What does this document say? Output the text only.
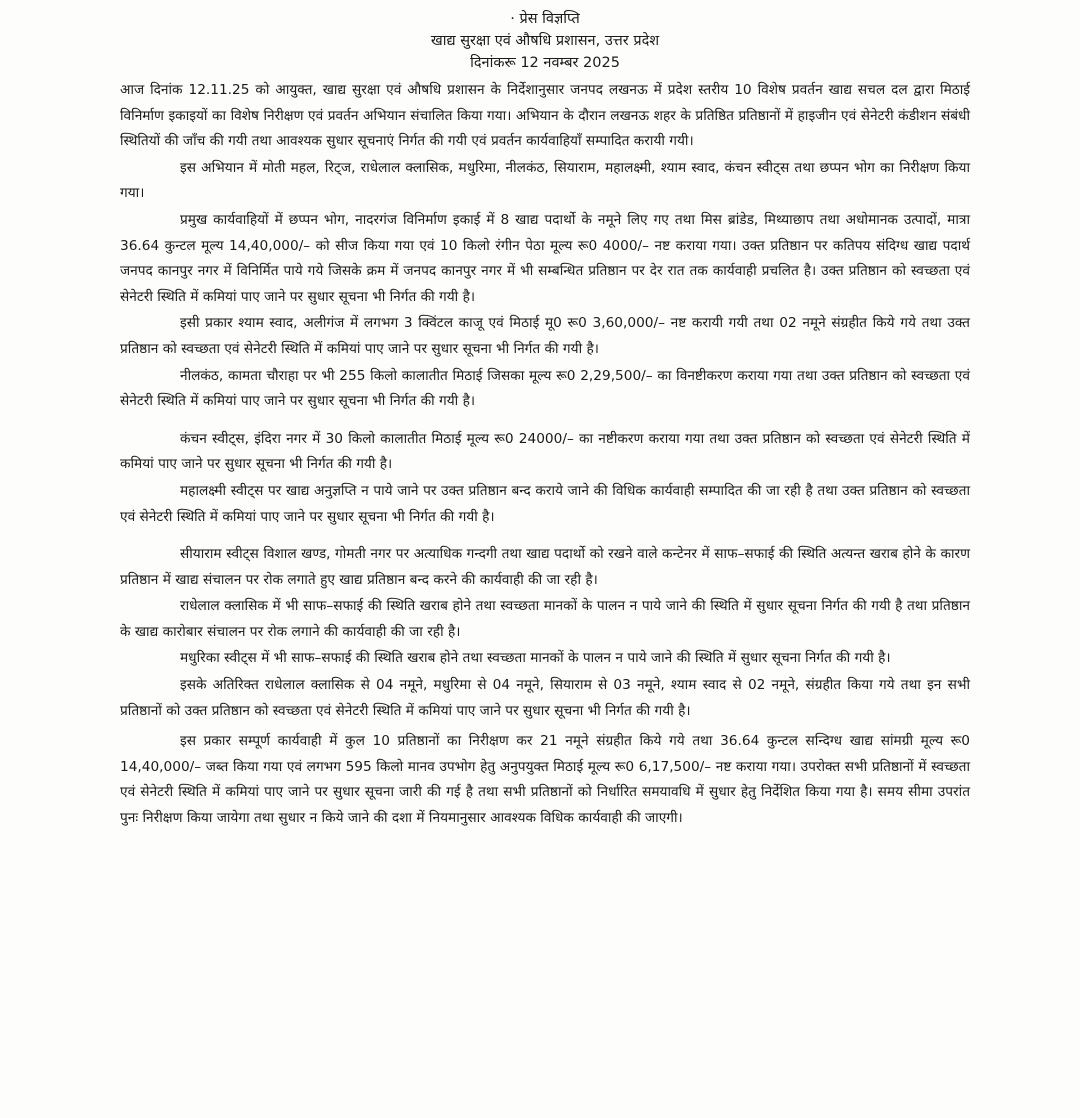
· प्रेस विज्ञप्ति
खाद्य सुरक्षा एवं औषधि प्रशासन, उत्तर प्रदेश
दिनांकरू 12 नवम्बर 2025

आज दिनांक 12.11.25 को आयुक्त, खाद्य सुरक्षा एवं औषधि प्रशासन के निर्देशानुसार जनपद लखनऊ में प्रदेश स्तरीय 10 विशेष प्रवर्तन खाद्य सचल दल द्वारा मिठाई विनिर्माण इकाइयों का विशेष निरीक्षण एवं प्रवर्तन अभियान संचालित किया गया। अभियान के दौरान लखनऊ शहर के प्रतिष्ठित प्रतिष्ठानों में हाइजीन एवं सेनेटरी कंडीशन संबंधी स्थितियों की जाँच की गयी तथा आवश्यक सुधार सूचनाएं निर्गत की गयी एवं प्रवर्तन कार्यवाहियॉं सम्पादित करायी गयी।

इस अभियान में मोती महल, रिट्ज, राधेलाल क्लासिक, मधुरिमा, नीलकंठ, सियाराम, महालक्ष्मी, श्याम स्वाद, कंचन स्वीट्स तथा छप्पन भोग का निरीक्षण किया गया।

प्रमुख कार्यवाहियों में छप्पन भोग, नादरगंज विनिर्माण इकाई में 8 खाद्य पदार्थो के नमूने लिए गए तथा मिस ब्रांडेड, मिथ्याछाप तथा अधोमानक उत्पादों, मात्रा 36.64 कुन्टल मूल्य 14,40,000/– को सीज किया गया एवं 10 किलो रंगीन पेठा मूल्य रू0 4000/– नष्ट कराया गया। उक्त प्रतिष्ठान पर कतिपय संदिग्ध खाद्य पदार्थ जनपद कानपुर नगर में विनिर्मित पाये गये जिसके क्रम में जनपद कानपुर नगर में भी सम्बन्धित प्रतिष्ठान पर देर रात तक कार्यवाही प्रचलित है। उक्त प्रतिष्ठान को स्वच्छता एवं सेनेटरी स्थिति में कमियां पाए जाने पर सुधार सूचना भी निर्गत की गयी है।

इसी प्रकार श्याम स्वाद, अलीगंज में लगभग 3 क्विंटल काजू एवं मिठाई मू0 रू0 3,60,000/– नष्ट करायी गयी तथा 02 नमूने संग्रहीत किये गये तथा उक्त प्रतिष्ठान को स्वच्छता एवं सेनेटरी स्थिति में कमियां पाए जाने पर सुधार सूचना भी निर्गत की गयी है।

नीलकंठ, कामता चौराहा पर भी 255 किलो कालातीत मिठाई जिसका मूल्य रू0 2,29,500/– का विनष्टीकरण कराया गया तथा उक्त प्रतिष्ठान को स्वच्छता एवं सेनेटरी स्थिति में कमियां पाए जाने पर सुधार सूचना भी निर्गत की गयी है।

कंचन स्वीट्स, इंदिरा नगर में 30 किलो कालातीत मिठाई मूल्य रू0 24000/– का नष्टीकरण कराया गया तथा उक्त प्रतिष्ठान को स्वच्छता एवं सेनेटरी स्थिति में कमियां पाए जाने पर सुधार सूचना भी निर्गत की गयी है।

महालक्ष्मी स्वीट्स पर खाद्य अनुज्ञप्ति न पाये जाने पर उक्त प्रतिष्ठान बन्द कराये जाने की विधिक कार्यवाही सम्पादित की जा रही है तथा उक्त प्रतिष्ठान को स्वच्छता एवं सेनेटरी स्थिति में कमियां पाए जाने पर सुधार सूचना भी निर्गत की गयी है।

सीयाराम स्वीट्स विशाल खण्ड, गोमती नगर पर अत्याधिक गन्दगी तथा खाद्य पदार्थो को रखने वाले कन्टेनर में साफ–सफाई की स्थिति अत्यन्त खराब होने के कारण प्रतिष्ठान में खाद्य संचालन पर रोक लगाते हुए खाद्य प्रतिष्ठान बन्द करने की कार्यवाही की जा रही है।

राधेलाल क्लासिक में भी साफ–सफाई की स्थिति खराब होने तथा स्वच्छता मानकों के पालन न पाये जाने की स्थिति में सुधार सूचना निर्गत की गयी है तथा प्रतिष्ठान के खाद्य कारोबार संचालन पर रोक लगाने की कार्यवाही की जा रही है।

मधुरिका स्वीट्स में भी साफ–सफाई की स्थिति खराब होने तथा स्वच्छता मानकों के पालन न पाये जाने की स्थिति में सुधार सूचना निर्गत की गयी है।

इसके अतिरिक्त राधेलाल क्लासिक से 04 नमूने, मधुरिमा से 04 नमूने, सियाराम से 03 नमूने, श्याम स्वाद से 02 नमूने, संग्रहीत किया गये तथा इन सभी प्रतिष्ठानों को उक्त प्रतिष्ठान को स्वच्छता एवं सेनेटरी स्थिति में कमियां पाए जाने पर सुधार सूचना भी निर्गत की गयी है।

इस प्रकार सम्पूर्ण कार्यवाही में कुल 10 प्रतिष्ठानों का निरीक्षण कर 21 नमूने संग्रहीत किये गये तथा 36.64 कुन्टल सन्दिग्ध खाद्य सांमग्री मूल्य रू0 14,40,000/– जब्त किया गया एवं लगभग 595 किलो मानव उपभोग हेतु अनुपयुक्त मिठाई मूल्य रू0 6,17,500/– नष्ट कराया गया। उपरोक्त सभी प्रतिष्ठानों में स्वच्छता एवं सेनेटरी स्थिति में कमियां पाए जाने पर सुधार सूचना जारी की गई है तथा सभी प्रतिष्ठानों को निर्धारित समयावधि में सुधार हेतु निर्देशित किया गया है। समय सीमा उपरांत पुनः निरीक्षण किया जायेगा तथा सुधार न किये जाने की दशा में नियमानुसार आवश्यक विधिक कार्यवाही की जाएगी।
